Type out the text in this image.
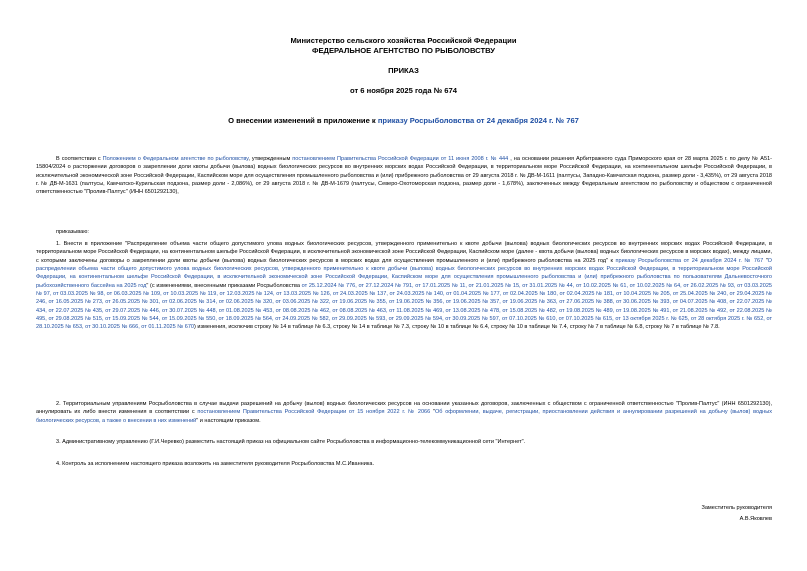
Министерство сельского хозяйства Российской Федерации
ФЕДЕРАЛЬНОЕ АГЕНТСТВО ПО РЫБОЛОВСТВУ
ПРИКАЗ
от 6 ноября 2025 года № 674
О внесении изменений в приложение к приказу Росрыболовства от 24 декабря 2024 г. № 767

В соответствии с Положением о Федеральном агентстве по рыболовству, утвержденным постановлением Правительства Российской Федерации от 11 июня 2008 г. № 444 , на основании решения Арбитражного суда Приморского края от 28 марта 2025 г. по делу № А51-15804/2024 о расторжении договоров о закреплении доли квоты добычи (вылова) водных биологических ресурсов во внутренних морских водах Российской Федерации, в территориальном море Российской Федерации, на континентальном шельфе Российской Федерации, в исключительной экономической зоне Российской Федерации, Каспийском море для осуществления промышленного рыболовства и (или) прибрежного рыболовства от 29 августа 2018 г. № ДВ-М-1611 (палтусы, Западно-Камчатская подзона, размер доли - 3,435%), от 29 августа 2018 г. № ДВ-М-1631 (палтусы, Камчатско-Курильская подзона, размер доли - 2,086%), от 29 августа 2018 г. № ДВ-М-1679 (палтусы, Северо-Охотоморская подзона, размер доли - 1,678%), заключенных между Федеральным агентством по рыболовству и обществом с ограниченной ответственностью "Пролив-Палтус" (ИНН 6501292130),

приказываю:

1. Внести в приложение "Распределение объема части общего допустимого улова водных биологических ресурсов, утвержденного применительно к квоте добычи (вылова) водных биологических ресурсов во внутренних морских водах Российской Федерации, в территориальном море Российской Федерации, на континентальном шельфе Российской Федерации, в исключительной экономической зоне Российской Федерации, Каспийском море (далее - квота добычи (вылова) водных биологических ресурсов в морских водах), между лицами, с которыми заключены договоры о закреплении доли квоты добычи (вылова) водных биологических ресурсов в морских водах для осуществления промышленного и (или) прибрежного рыболовства на 2025 год" к приказу Росрыболовства от 24 декабря 2024 г. № 767 "О распределении объема части общего допустимого улова водных биологических ресурсов, утвержденного применительно к квоте добычи (вылова) водных биологических ресурсов во внутренних морских водах Российской Федерации, в территориальном море Российской Федерации, на континентальном шельфе Российской Федерации, в исключительной экономической зоне Российской Федерации, Каспийском море для осуществления промышленного рыболовства и (или) прибрежного рыболовства по пользователям Дальневосточного рыбохозяйственного бассейна на 2025 год" (с изменениями, внесенными приказами Росрыболовства от 25.12.2024 № 776, от 27.12.2024 № 791, от 17.01.2025 № 11, от 21.01.2025 № 15, от 31.01.2025 № 44, от 10.02.2025 № 61, от 10.02.2025 № 64, от 26.02.2025 № 93, от 03.03.2025 № 97, от 03.03.2025 № 98, от 06.03.2025 № 109, от 10.03.2025 № 119, от 12.03.2025 № 124, от 13.03.2025 № 126, от 24.03.2025 № 137, от 24.03.2025 № 140, от 01.04.2025 № 177, от 02.04.2025 № 180, от 02.04.2025 № 181, от 10.04.2025 № 205, от 25.04.2025 № 240, от 29.04.2025 № 246, от 16.05.2025 № 273, от 26.05.2025 № 301, от 02.06.2025 № 314, от 02.06.2025 № 320, от 03.06.2025 № 322, от 19.06.2025 № 355, от 19.06.2025 № 356, от 19.06.2025 № 357, от 19.06.2025 № 363, от 27.06.2025 № 388, от 30.06.2025 № 393, от 04.07.2025 № 408, от 22.07.2025 № 434, от 22.07.2025 № 435, от 29.07.2025 № 446, от 30.07.2025 № 448, от 01.08.2025 № 453, от 08.08.2025 № 462, от 08.08.2025 № 463, от 11.08.2025 № 469, от 13.08.2025 № 478, от 15.08.2025 № 482, от 19.08.2025 № 489, от 19.08.2025 № 491, от 21.08.2025 № 492, от 22.08.2025 № 495, от 29.08.2025 № 515, от 15.09.2025 № 544, от 15.09.2025 № 550, от 18.09.2025 № 564, от 24.09.2025 № 582, от 29.09.2025 № 593, от 29.09.2025 № 594, от 30.09.2025 № 597, от 07.10.2025 № 610, от 07.10.2025 № 615, от 13 октября 2025 г. № 625, от 28 октября 2025 г. № 652, от 28.10.2025 № 653, от 30.10.2025 № 666, от 01.11.2025 № 670) изменения, исключив строку № 14 в таблице № 6.3, строку № 14 в таблице № 7.3, строку № 10 в таблице № 6.4, строку № 10 в таблице № 7.4, строку № 7 в таблице № 6.8, строку № 7 в таблице № 7.8.

2. Территориальным управлениям Росрыболовства в случае выдачи разрешений на добычу (вылов) водных биологических ресурсов на основании указанных договоров, заключенных с обществом с ограниченной ответственностью "Пролив-Палтус" (ИНН 6501292130), аннулировать их либо внести изменения в соответствии с постановлением Правительства Российской Федерации от 15 ноября 2022 г. № 2066 "Об оформлении, выдаче, регистрации, приостановлении действия и аннулировании разрешений на добычу (вылов) водных биологических ресурсов, а также о внесении в них изменений" и настоящим приказом.

3. Административному управлению (Г.И.Черевко) разместить настоящий приказ на официальном сайте Росрыболовства в информационно-телекоммуникационной сети "Интернет".

4. Контроль за исполнением настоящего приказа возложить на заместителя руководителя Росрыболовства М.С.Иванника.

Заместитель руководителя
А.В.Яковлев
